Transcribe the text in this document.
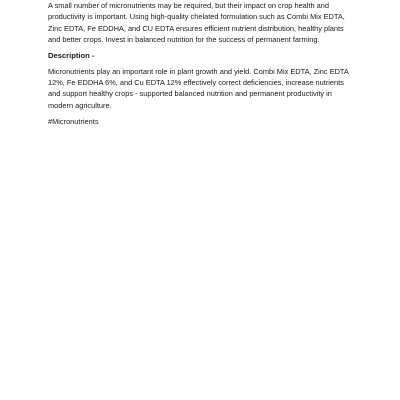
A small number of micronutrients may be required, but their impact on crop health and productivity is important. Using high-quality chelated formulation such as Combi Mix EDTA, Zinc EDTA, Fe EDDHA, and CU EDTA ensures efficient nutrient distribution, healthy plants and better crops. Invest in balanced nutrition for the success of permanent farming.

Description -

Micronutrients play an important role in plant growth and yield. Combi Mix EDTA, Zinc EDTA 12%, Fe EDDHA 6%, and Cu EDTA 12% effectively correct deficiencies, increase nutrients and support healthy crops - supported balanced nutrition and permanent productivity in modern agriculture.

#Micronutrients
